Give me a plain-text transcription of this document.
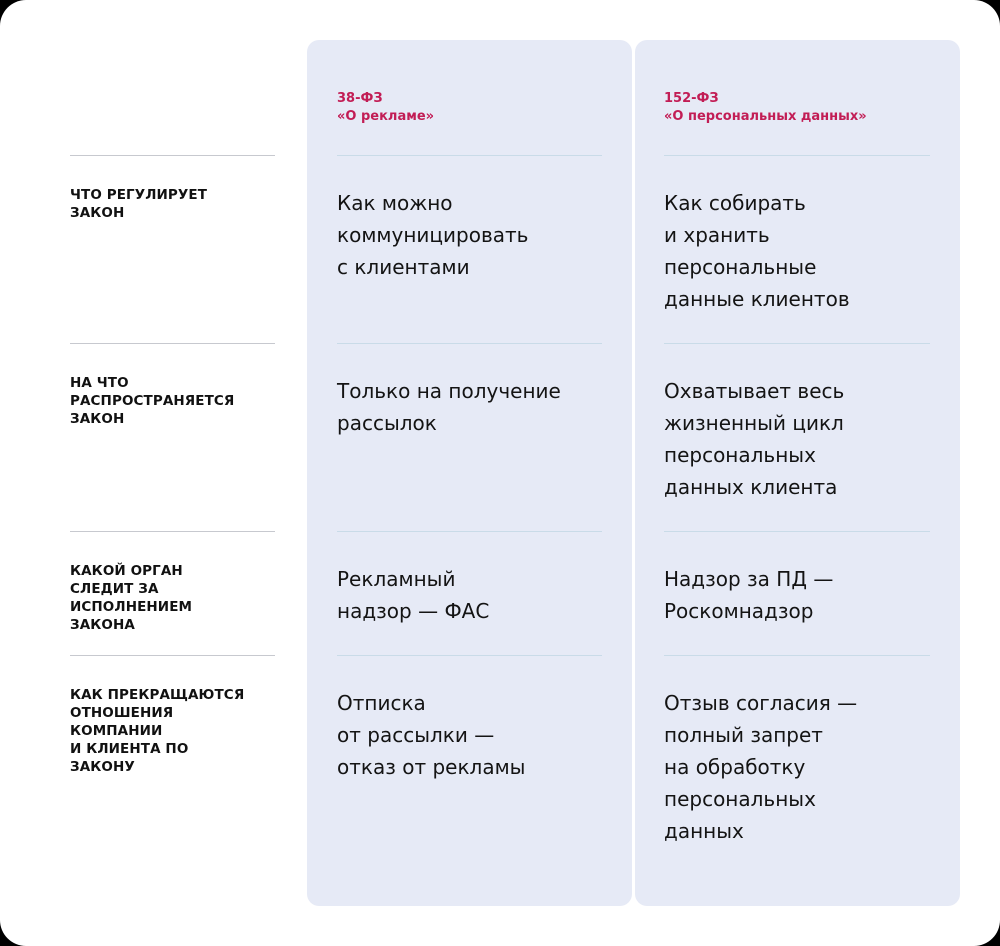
38-ФЗ
«О рекламе»
152-ФЗ
«О персональных данных»
ЧТО РЕГУЛИРУЕТ
ЗАКОН	Как можно
коммуницировать
с клиентами
Как собирать
и хранить
персональные
данные клиентов
НА ЧТО
РАСПРОСТРАНЯЕТСЯ
ЗАКОН
Только на получение
рассылок
Охватывает весь
жизненный цикл
персональных
данных клиента
КАКОЙ ОРГАН
СЛЕДИТ ЗА
ИСПОЛНЕНИЕМ
ЗАКОНА
Рекламный
надзор — ФАС
Надзор за ПД —
Роскомнадзор
КАК ПРЕКРАЩАЮТСЯ
ОТНОШЕНИЯ
КОМПАНИИ
И КЛИЕНТА ПО
ЗАКОНУ
Отписка
от рассылки —
отказ от рекламы
Отзыв согласия —
полный запрет
на обработку
персональных
данных
